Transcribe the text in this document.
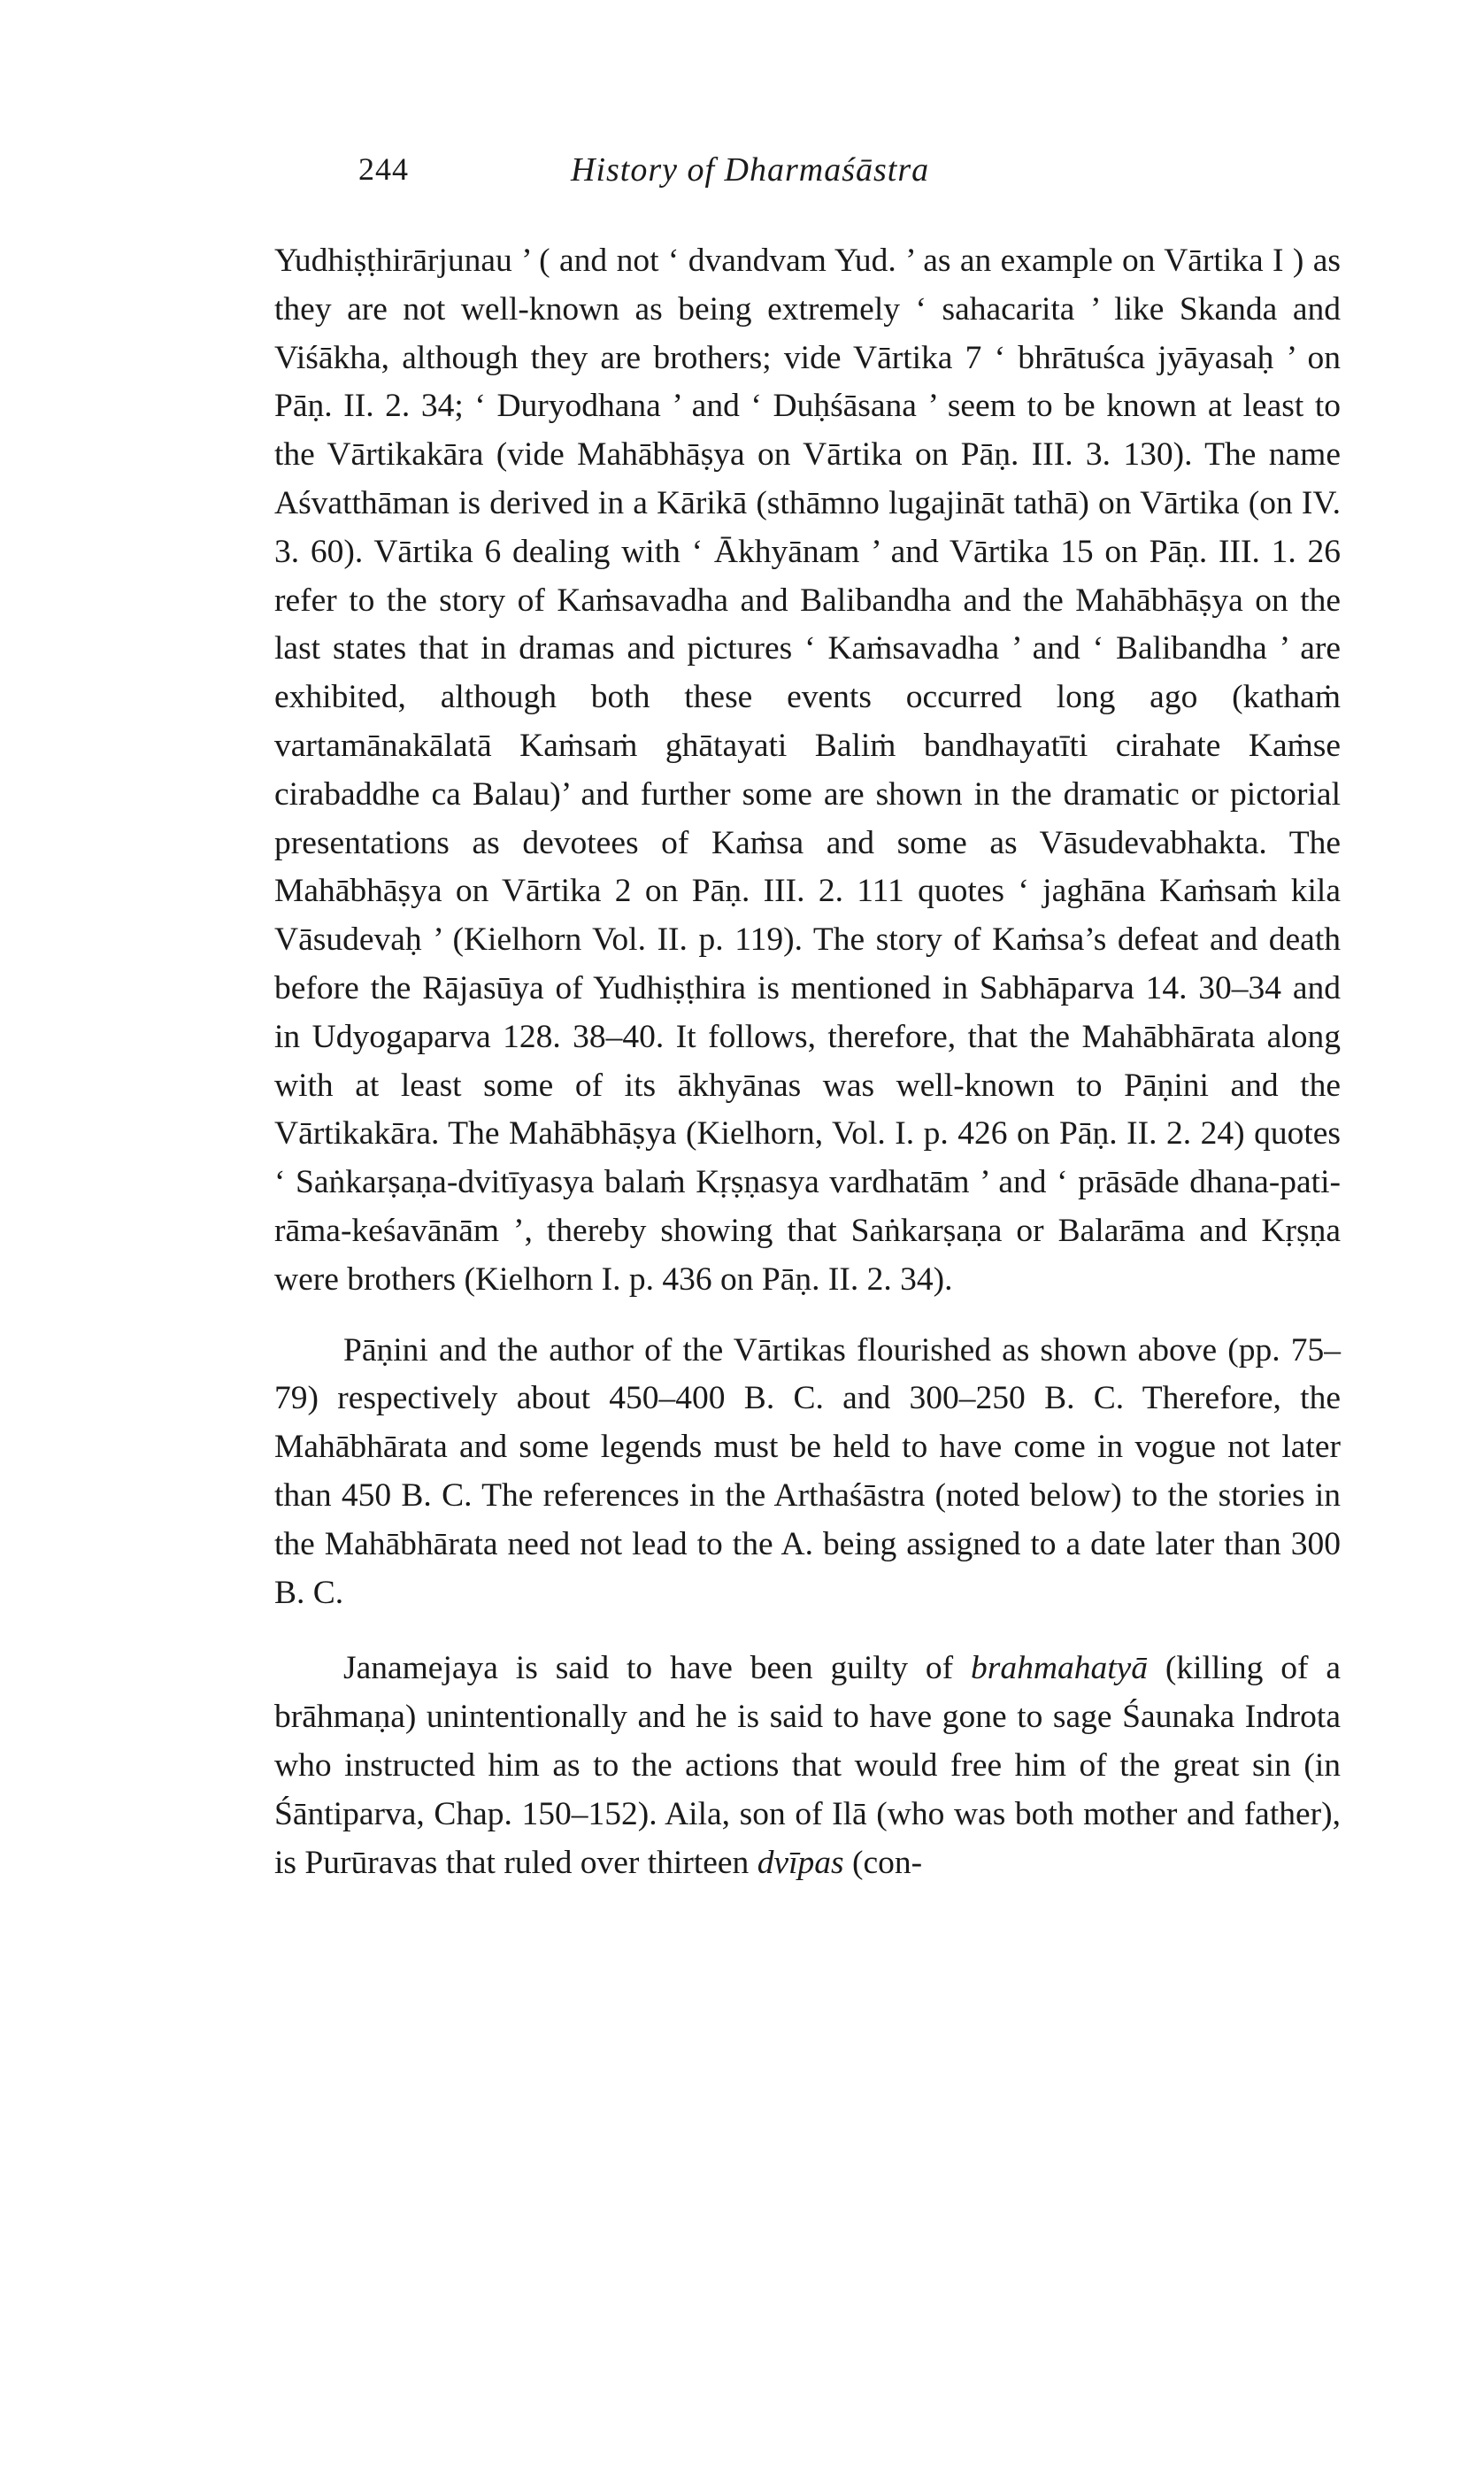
244	History of Dharmaśāstra

Yudhiṣṭhirārjunau ’ ( and not ‘ dvandvam Yud. ’ as an example on Vārtika I ) as they are not well-known as being extremely ‘ sahacarita ’ like Skanda and Viśākha, although they are brothers; vide Vārtika 7 ‘ bhrātuśca jyāyasaḥ ’ on Pāṇ. II. 2. 34; ‘ Duryodhana ’ and ‘ Duḥśāsana ’ seem to be known at least to the Vārtikakāra (vide Mahābhāṣya on Vārtika on Pāṇ. III. 3. 130). The name Aśvatthāman is derived in a Kārikā (sthāmno lugajināt tathā) on Vārtika (on IV. 3. 60). Vārtika 6 dealing with ‘ Ākhyānam ’ and Vārtika 15 on Pāṇ. III. 1. 26 refer to the story of Kaṁsavadha and Balibandha and the Mahābhāṣya on the last states that in dramas and pictures ‘ Kaṁsavadha ’ and ‘ Balibandha ’ are exhibited, although both these events occurred long ago (kathaṁ vartamānakālatā Kaṁsaṁ ghātayati Baliṁ bandhayatīti cirahate Kaṁse cirabaddhe ca Balau)’ and further some are shown in the dramatic or pictorial presentations as devotees of Kaṁsa and some as Vāsudevabhakta. The Mahābhāṣya on Vārtika 2 on Pāṇ. III. 2. 111 quotes ‘ jaghāna Kaṁsaṁ kila Vāsudevaḥ ’ (Kielhorn Vol. II. p. 119). The story of Kaṁsa’s defeat and death before the Rājasūya of Yudhiṣṭhira is mentioned in Sabhāparva 14. 30–34 and in Udyogaparva 128. 38–40. It follows, therefore, that the Mahābhārata along with at least some of its ākhyānas was well-known to Pāṇini and the Vārtikakāra. The Mahābhāṣya (Kielhorn, Vol. I. p. 426 on Pāṇ. II. 2. 24) quotes ‘ Saṅkarṣaṇa-dvitīyasya balaṁ Kṛṣṇasya vardhatām ’ and ‘ prāsāde dhana-pati-rāma-keśavānām ’, thereby showing that Saṅkarṣaṇa or Balarāma and Kṛṣṇa were brothers (Kielhorn I. p. 436 on Pāṇ. II. 2. 34).

Pāṇini and the author of the Vārtikas flourished as shown above (pp. 75–79) respectively about 450–400 B. C. and 300–250 B. C. Therefore, the Mahābhārata and some legends must be held to have come in vogue not later than 450 B. C. The references in the Arthaśāstra (noted below) to the stories in the Mahābhārata need not lead to the A. being assigned to a date later than 300 B. C.

Janamejaya is said to have been guilty of brahmahatyā (killing of a brāhmaṇa) unintentionally and he is said to have gone to sage Śaunaka Indrota who instructed him as to the actions that would free him of the great sin (in Śāntiparva, Chap. 150–152). Aila, son of Ilā (who was both mother and father), is Purūravas that ruled over thirteen dvīpas (con-
